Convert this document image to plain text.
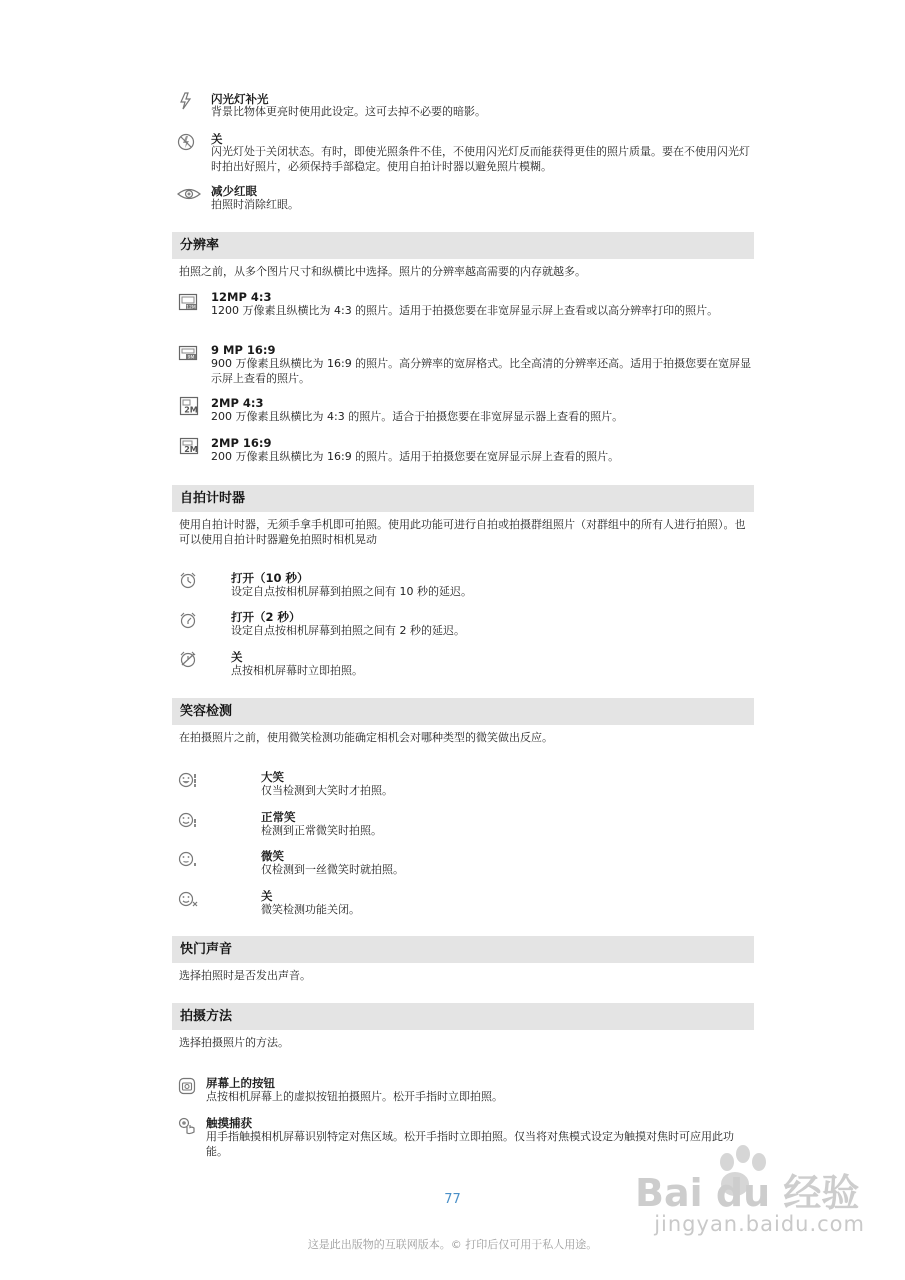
闪光灯补光
背景比物体更亮时使用此设定。这可去掉不必要的暗影。
关
闪光灯处于关闭状态。有时，即使光照条件不佳，不使用闪光灯反而能获得更佳的照片质量。要在不使用闪光灯时拍出好照片，必须保持手部稳定。使用自拍计时器以避免照片模糊。
减少红眼
拍照时消除红眼。
分辨率
拍照之前，从多个图片尺寸和纵横比中选择。照片的分辨率越高需要的内存就越多。
12M
12MP 4:3
1200 万像素且纵横比为 4:3 的照片。适用于拍摄您要在非宽屏显示屏上查看或以高分辨率打印的照片。
9M
9 MP 16:9
900 万像素且纵横比为 16:9 的照片。高分辨率的宽屏格式。比全高清的分辨率还高。适用于拍摄您要在宽屏显示屏上查看的照片。
2M 2MP 4:3
200 万像素且纵横比为 4:3 的照片。适合于拍摄您要在非宽屏显示器上查看的照片。
2M 2MP 16:9
200 万像素且纵横比为 16:9 的照片。适用于拍摄您要在宽屏显示屏上查看的照片。
自拍计时器
使用自拍计时器，无须手拿手机即可拍照。使用此功能可进行自拍或拍摄群组照片（对群组中的所有人进行拍照）。也可以使用自拍计时器避免拍照时相机晃动
打开（10 秒）
设定自点按相机屏幕到拍照之间有 10 秒的延迟。
打开（2 秒）
设定自点按相机屏幕到拍照之间有 2 秒的延迟。
关
点按相机屏幕时立即拍照。
笑容检测
在拍摄照片之前，使用微笑检测功能确定相机会对哪种类型的微笑做出反应。
大笑
仅当检测到大笑时才拍照。
正常笑
检测到正常微笑时拍照。
微笑
仅检测到一丝微笑时就拍照。
关
微笑检测功能关闭。
快门声音
选择拍照时是否发出声音。
拍摄方法
选择拍摄照片的方法。
屏幕上的按钮
点按相机屏幕上的虚拟按钮拍摄照片。松开手指时立即拍照。
触摸捕获
用手指触摸相机屏幕识别特定对焦区域。松开手指时立即拍照。仅当将对焦模式设定为触摸对焦时可应用此功能。
77
这是此出版物的互联网版本。© 打印后仅可用于私人用途。
Bai du 经验
jingyan.baidu.com
